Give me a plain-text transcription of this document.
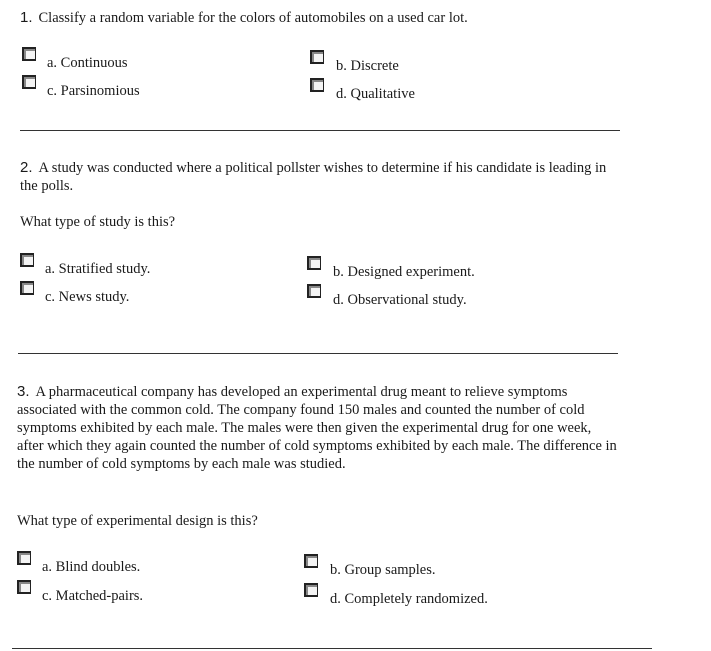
1. Classify a random variable for the colors of automobiles on a used car lot.
a. Continuous	b. Discrete
c. Parsinomious	d. Qualitative
2. A study was conducted where a political pollster wishes to determine if his candidate is leading in the polls.
What type of study is this?
a. Stratified study.	b. Designed experiment.
c. News study.	d. Observational study.
3. A pharmaceutical company has developed an experimental drug meant to relieve symptoms associated with the common cold. The company found 150 males and counted the number of cold symptoms exhibited by each male. The males were then given the experimental drug for one week, after which they again counted the number of cold symptoms exhibited by each male. The difference in the number of cold symptoms by each male was studied.
What type of experimental design is this?
a. Blind doubles.	b. Group samples.
c. Matched-pairs.	d. Completely randomized.
